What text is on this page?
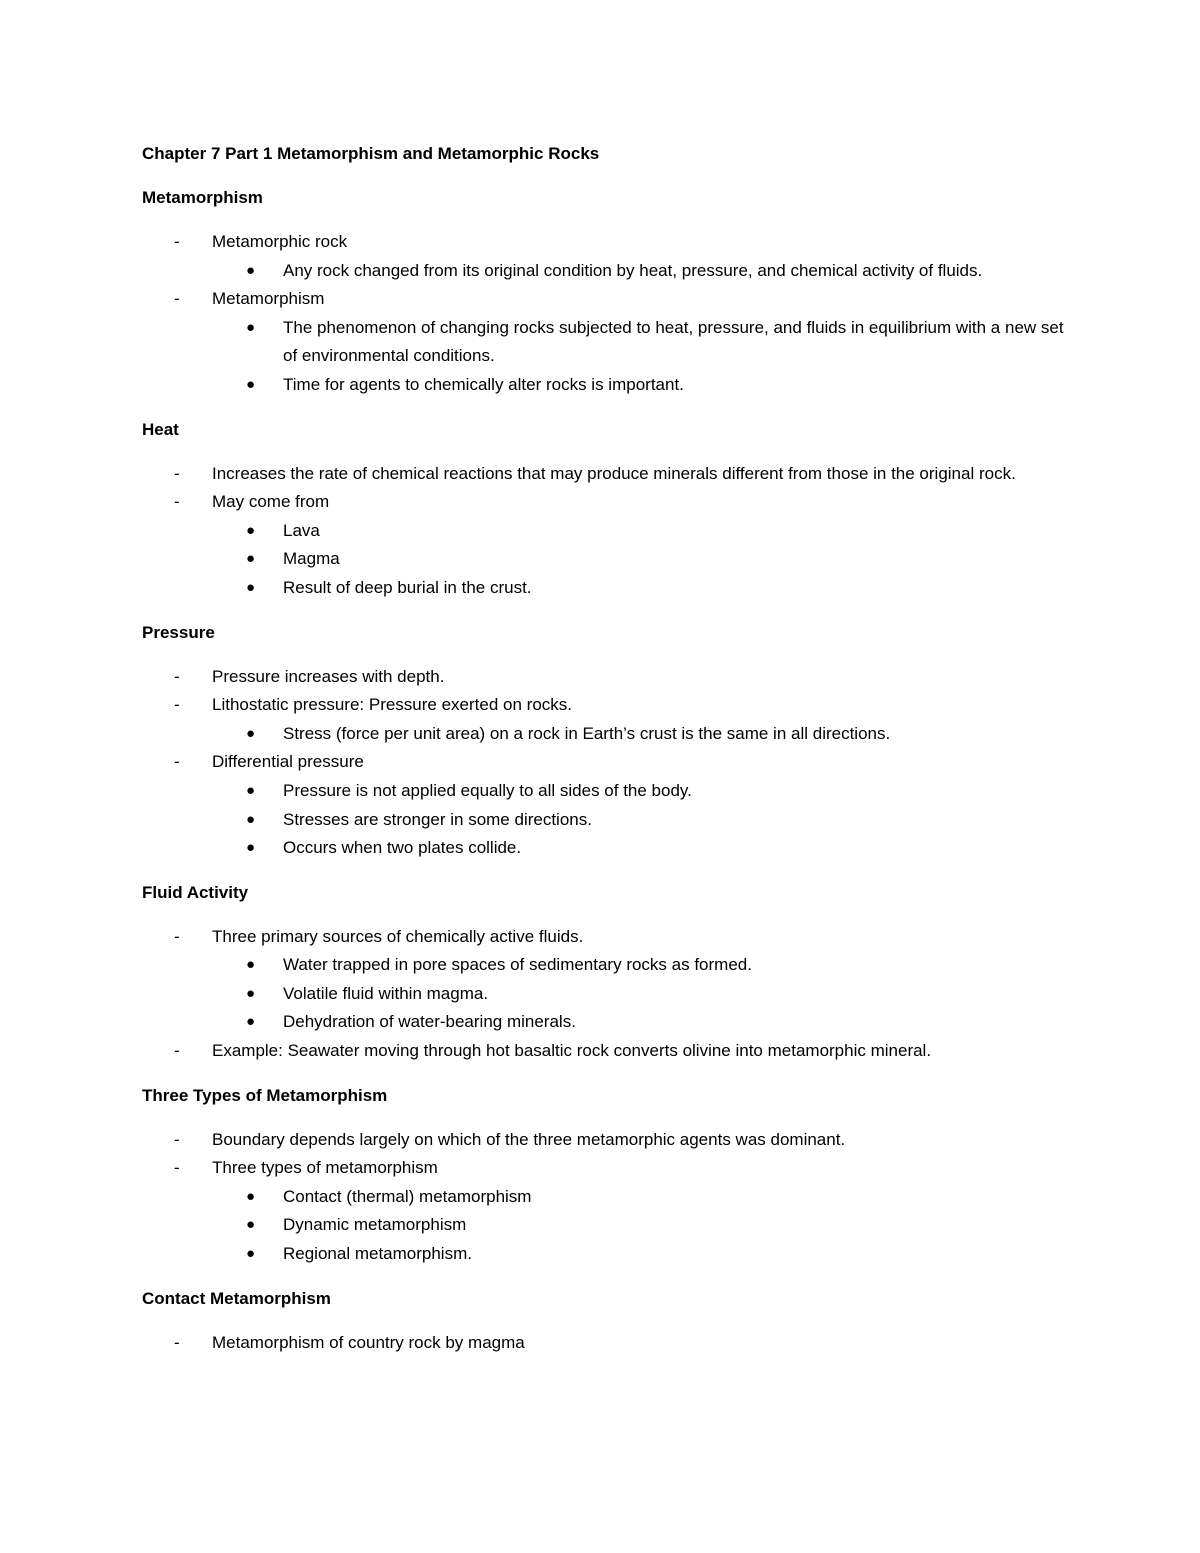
Chapter 7 Part 1 Metamorphism and Metamorphic Rocks
Metamorphism
- Metamorphic rock
● Any rock changed from its original condition by heat, pressure, and chemical activity of fluids.
- Metamorphism
● The phenomenon of changing rocks subjected to heat, pressure, and fluids in equilibrium with a new set of environmental conditions.
● Time for agents to chemically alter rocks is important.
Heat
- Increases the rate of chemical reactions that may produce minerals different from those in the original rock.
- May come from
● Lava
● Magma
● Result of deep burial in the crust.
Pressure
- Pressure increases with depth.
- Lithostatic pressure: Pressure exerted on rocks.
● Stress (force per unit area) on a rock in Earth’s crust is the same in all directions.
- Differential pressure
● Pressure is not applied equally to all sides of the body.
● Stresses are stronger in some directions.
● Occurs when two plates collide.
Fluid Activity
- Three primary sources of chemically active fluids.
● Water trapped in pore spaces of sedimentary rocks as formed.
● Volatile fluid within magma.
● Dehydration of water-bearing minerals.
- Example: Seawater moving through hot basaltic rock converts olivine into metamorphic mineral.
Three Types of Metamorphism
- Boundary depends largely on which of the three metamorphic agents was dominant.
- Three types of metamorphism
● Contact (thermal) metamorphism
● Dynamic metamorphism
● Regional metamorphism.
Contact Metamorphism
- Metamorphism of country rock by magma
